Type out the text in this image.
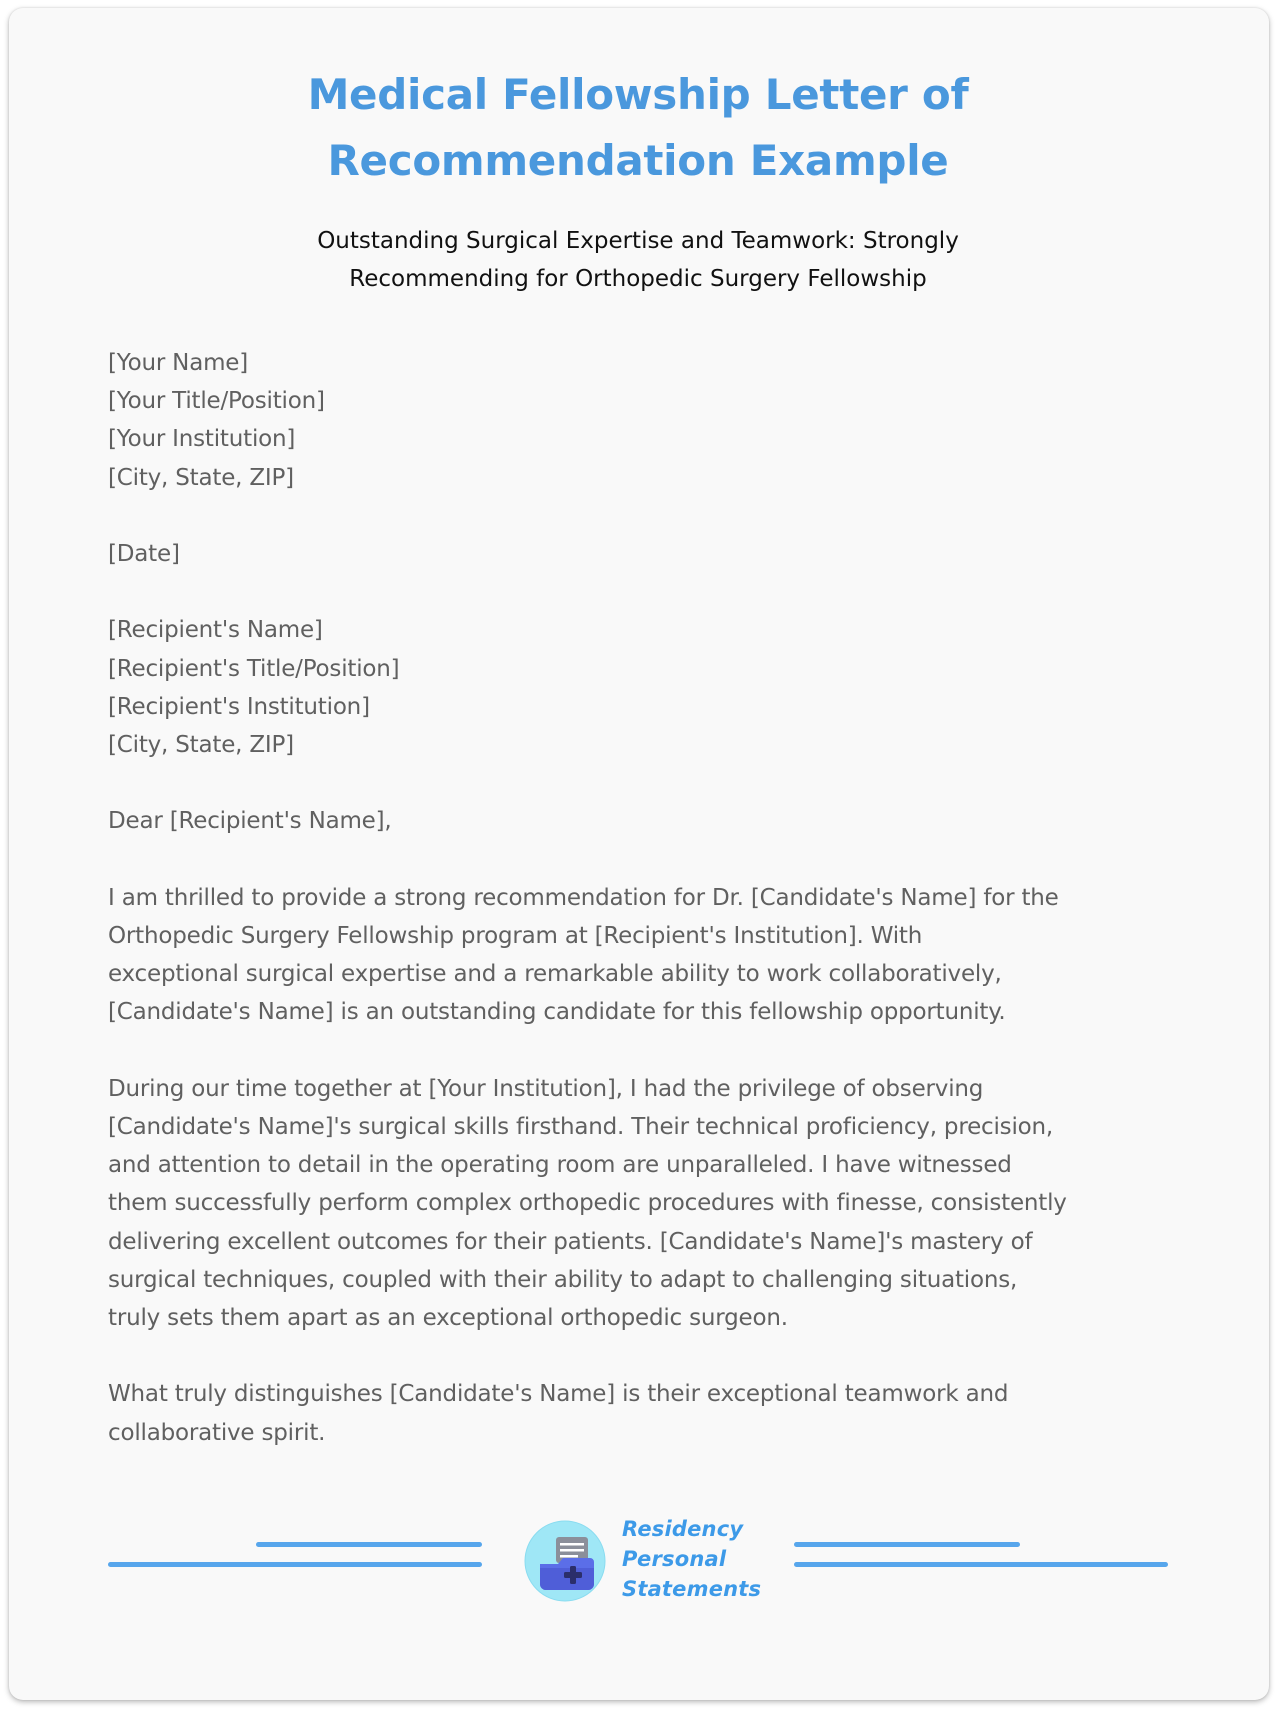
Medical Fellowship Letter of
Recommendation Example
Outstanding Surgical Expertise and Teamwork: Strongly
Recommending for Orthopedic Surgery Fellowship
[Your Name]
[Your Title/Position]
[Your Institution]
[City, State, ZIP]
[Date]
[Recipient's Name]
[Recipient's Title/Position]
[Recipient's Institution]
[City, State, ZIP]
Dear [Recipient's Name],
I am thrilled to provide a strong recommendation for Dr. [Candidate's Name] for the
Orthopedic Surgery Fellowship program at [Recipient's Institution]. With
exceptional surgical expertise and a remarkable ability to work collaboratively,
[Candidate's Name] is an outstanding candidate for this fellowship opportunity.
During our time together at [Your Institution], I had the privilege of observing
[Candidate's Name]'s surgical skills firsthand. Their technical proficiency, precision,
and attention to detail in the operating room are unparalleled. I have witnessed
them successfully perform complex orthopedic procedures with finesse, consistently
delivering excellent outcomes for their patients. [Candidate's Name]'s mastery of
surgical techniques, coupled with their ability to adapt to challenging situations,
truly sets them apart as an exceptional orthopedic surgeon.
What truly distinguishes [Candidate's Name] is their exceptional teamwork and
collaborative spirit.
Residency
Personal
Statements
